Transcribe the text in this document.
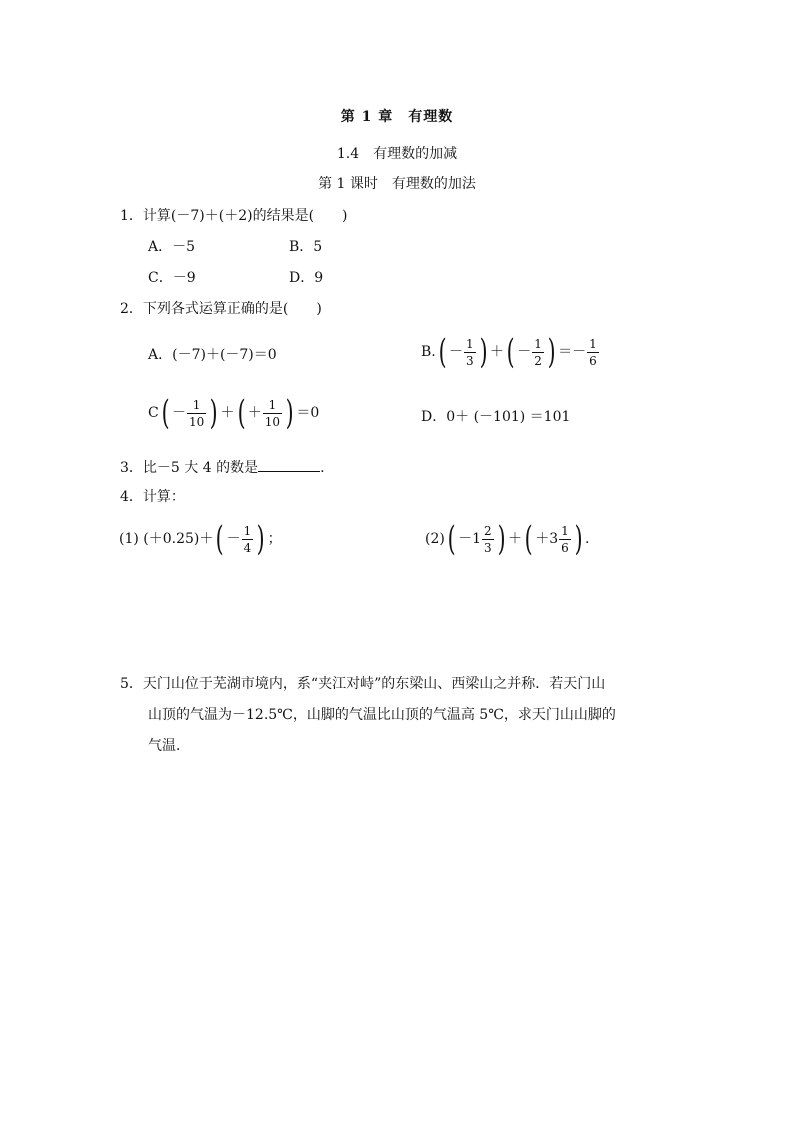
第 1 章　有理数
1.4　有理数的加减
第 1 课时　有理数的加法
1．计算(－7)＋(＋2)的结果是(　　)
A．－5	B．5
C．－9	D．9
2．下列各式运算正确的是(　　)
A．(－7)＋(－7)＝0	B. ( － $\frac{1}{3}$ ) ＋ ( － $\frac{1}{2}$ ) ＝－ $\frac{1}{6}$
C ( － $\frac{1}{10}$ ) ＋ ( ＋ $\frac{1}{10}$ ) ＝0	D．0＋ (－101) ＝101
3．比－5 大 4 的数是	.
4．计算：
(1) (＋0.25)＋ ( － $\frac{1}{4}$ ) ；	(2) ( $-1 \frac{2}{3}$ ) ＋ ( $+3 \frac{1}{6}$ ) .
5．天门山位于芜湖市境内，系“夹江对峙”的东梁山、西梁山之并称．若天门山
山顶的气温为－12.5℃，山脚的气温比山顶的气温高 5℃，求天门山山脚的
气温．
